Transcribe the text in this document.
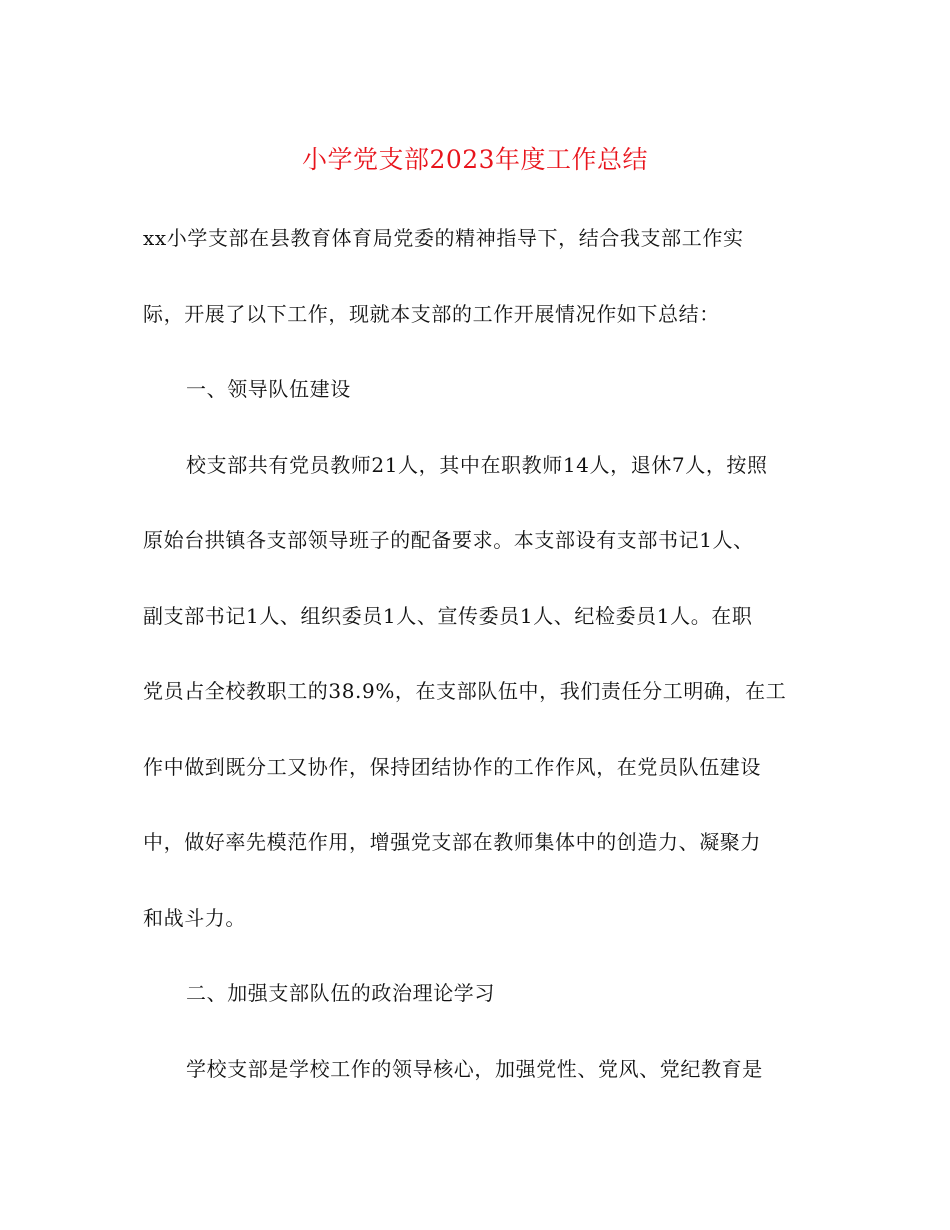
小学党支部2023年度工作总结
xx小学支部在县教育体育局党委的精神指导下，结合我支部工作实
际，开展了以下工作，现就本支部的工作开展情况作如下总结：
一、领导队伍建设
校支部共有党员教师21人，其中在职教师14人，退休7人，按照
原始台拱镇各支部领导班子的配备要求。本支部设有支部书记1人、
副支部书记1人、组织委员1人、宣传委员1人、纪检委员1人。在职
党员占全校教职工的38.9%，在支部队伍中，我们责任分工明确，在工
作中做到既分工又协作，保持团结协作的工作作风，在党员队伍建设
中，做好率先模范作用，增强党支部在教师集体中的创造力、凝聚力
和战斗力。
二、加强支部队伍的政治理论学习
学校支部是学校工作的领导核心，加强党性、党风、党纪教育是
